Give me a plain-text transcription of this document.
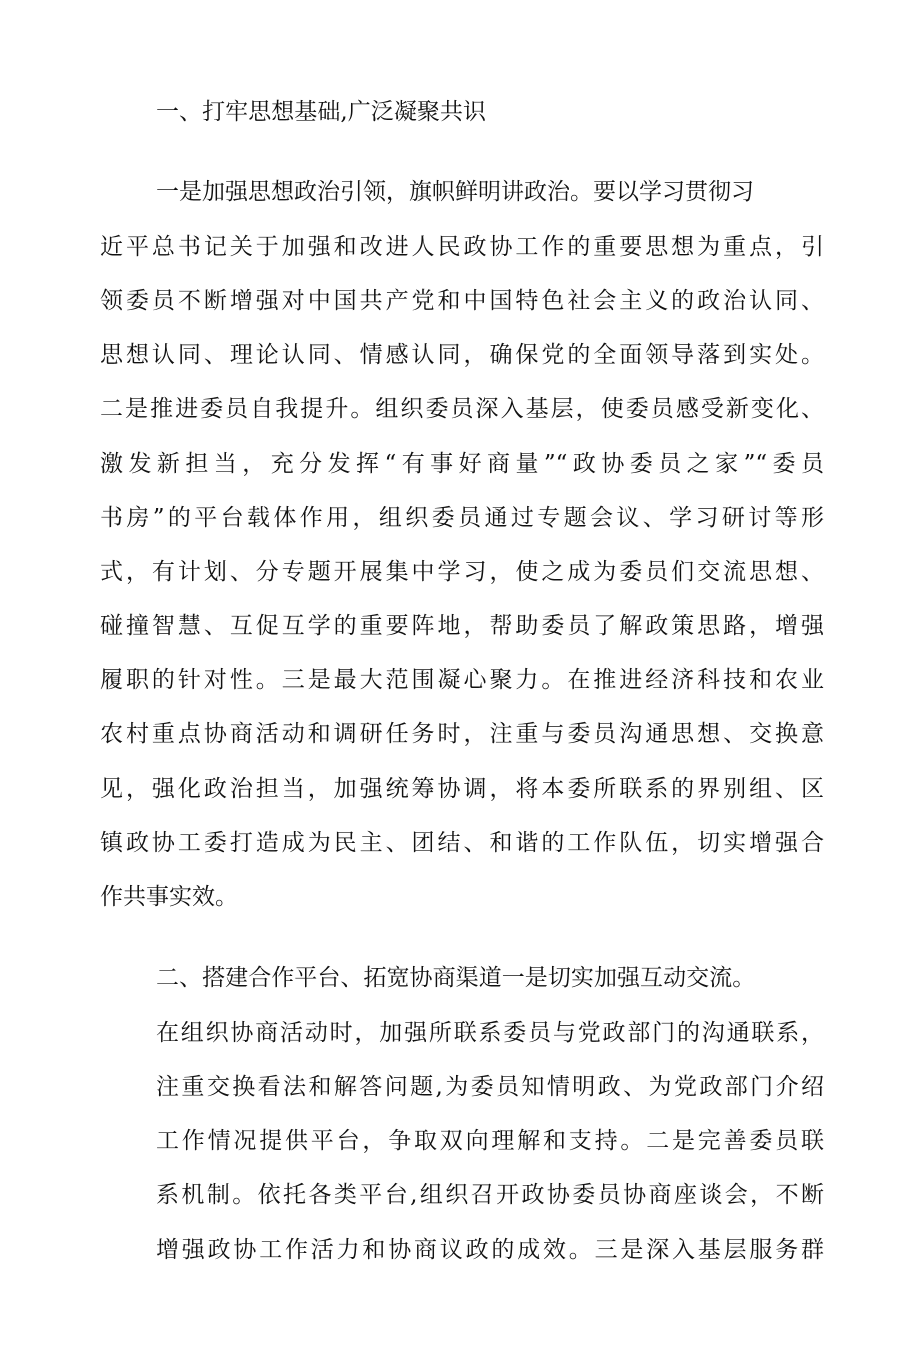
一、打牢思想基础,广泛凝聚共识

一是加强思想政治引领，旗帜鲜明讲政治。要以学习贯彻习

近平总书记关于加强和改进人民政协工作的重要思想为重点，引

领委员不断增强对中国共产党和中国特色社会主义的政治认同、

思想认同、理论认同、情感认同，确保党的全面领导落到实处。

二是推进委员自我提升。组织委员深入基层，使委员感受新变化、

激发新担当，充分发挥“有事好商量”“政协委员之家”“委员

书房”的平台载体作用，组织委员通过专题会议、学习研讨等形

式，有计划、分专题开展集中学习，使之成为委员们交流思想、

碰撞智慧、互促互学的重要阵地，帮助委员了解政策思路，增强

履职的针对性。三是最大范围凝心聚力。在推进经济科技和农业

农村重点协商活动和调研任务时，注重与委员沟通思想、交换意

见，强化政治担当，加强统筹协调，将本委所联系的界别组、区

镇政协工委打造成为民主、团结、和谐的工作队伍，切实增强合

作共事实效。

二、搭建合作平台、拓宽协商渠道一是切实加强互动交流。

在组织协商活动时，加强所联系委员与党政部门的沟通联系，

注重交换看法和解答问题,为委员知情明政、为党政部门介绍

工作情况提供平台，争取双向理解和支持。二是完善委员联

系机制。依托各类平台,组织召开政协委员协商座谈会，不断

增强政协工作活力和协商议政的成效。三是深入基层服务群
